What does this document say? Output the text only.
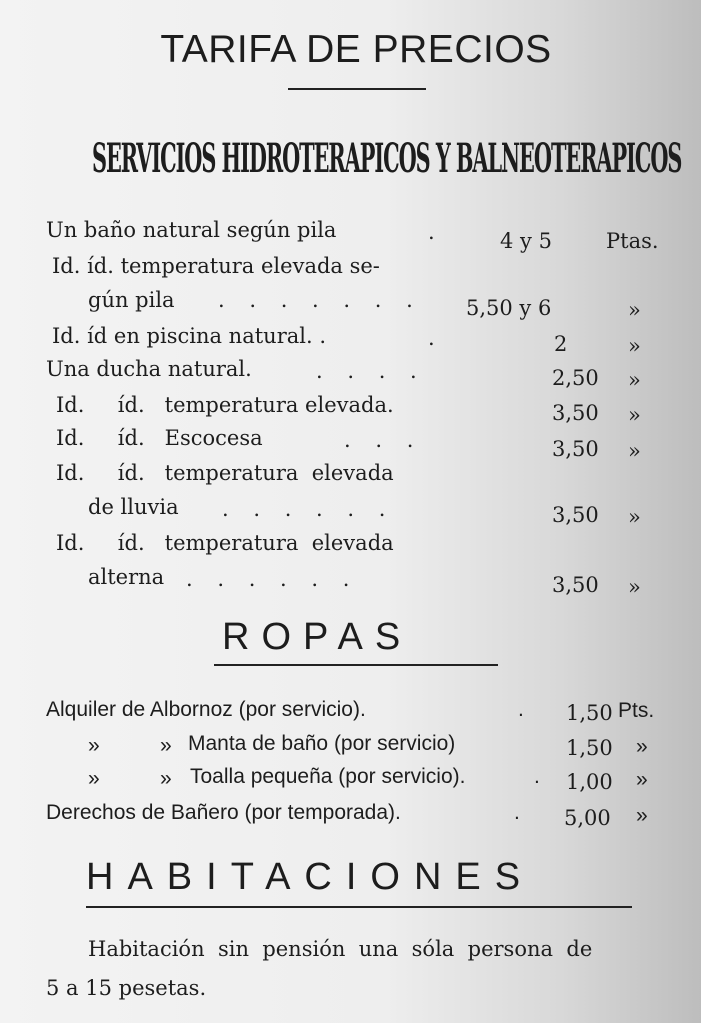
TARIFA DE PRECIOS
SERVICIOS HIDROTERAPICOS Y BALNEOTERAPICOS
Un baño natural según pila	.	4 y 5	Ptas.
Id. íd. temperatura elevada se-
gún pila . . . . . . . 5,50 y 6	»
Id. íd en piscina natural. .	.	2	»
Una ducha natural.	. . . .	2,50 »
Id.     íd.   temperatura elevada.	3,50 »
Id.     íd.   Escocesa	. . .	3,50 »
Id.     íd.   temperatura  elevada
de lluvia . . . . . .	3,50 »
Id.     íd.   temperatura  elevada
alterna . . . . . .	3,50 »
ROPAS
Alquiler de Albornoz (por servicio).	. 1,50 Pts.
»	» Manta de baño (por servicio)	1,50 »
»	» Toalla pequeña (por servicio).	. 1,00 »
Derechos de Bañero (por temporada).	. 5,00 »
HABITACIONES
Habitación  sin  pensión  una  sóla  persona  de
5 a 15 pesetas.
